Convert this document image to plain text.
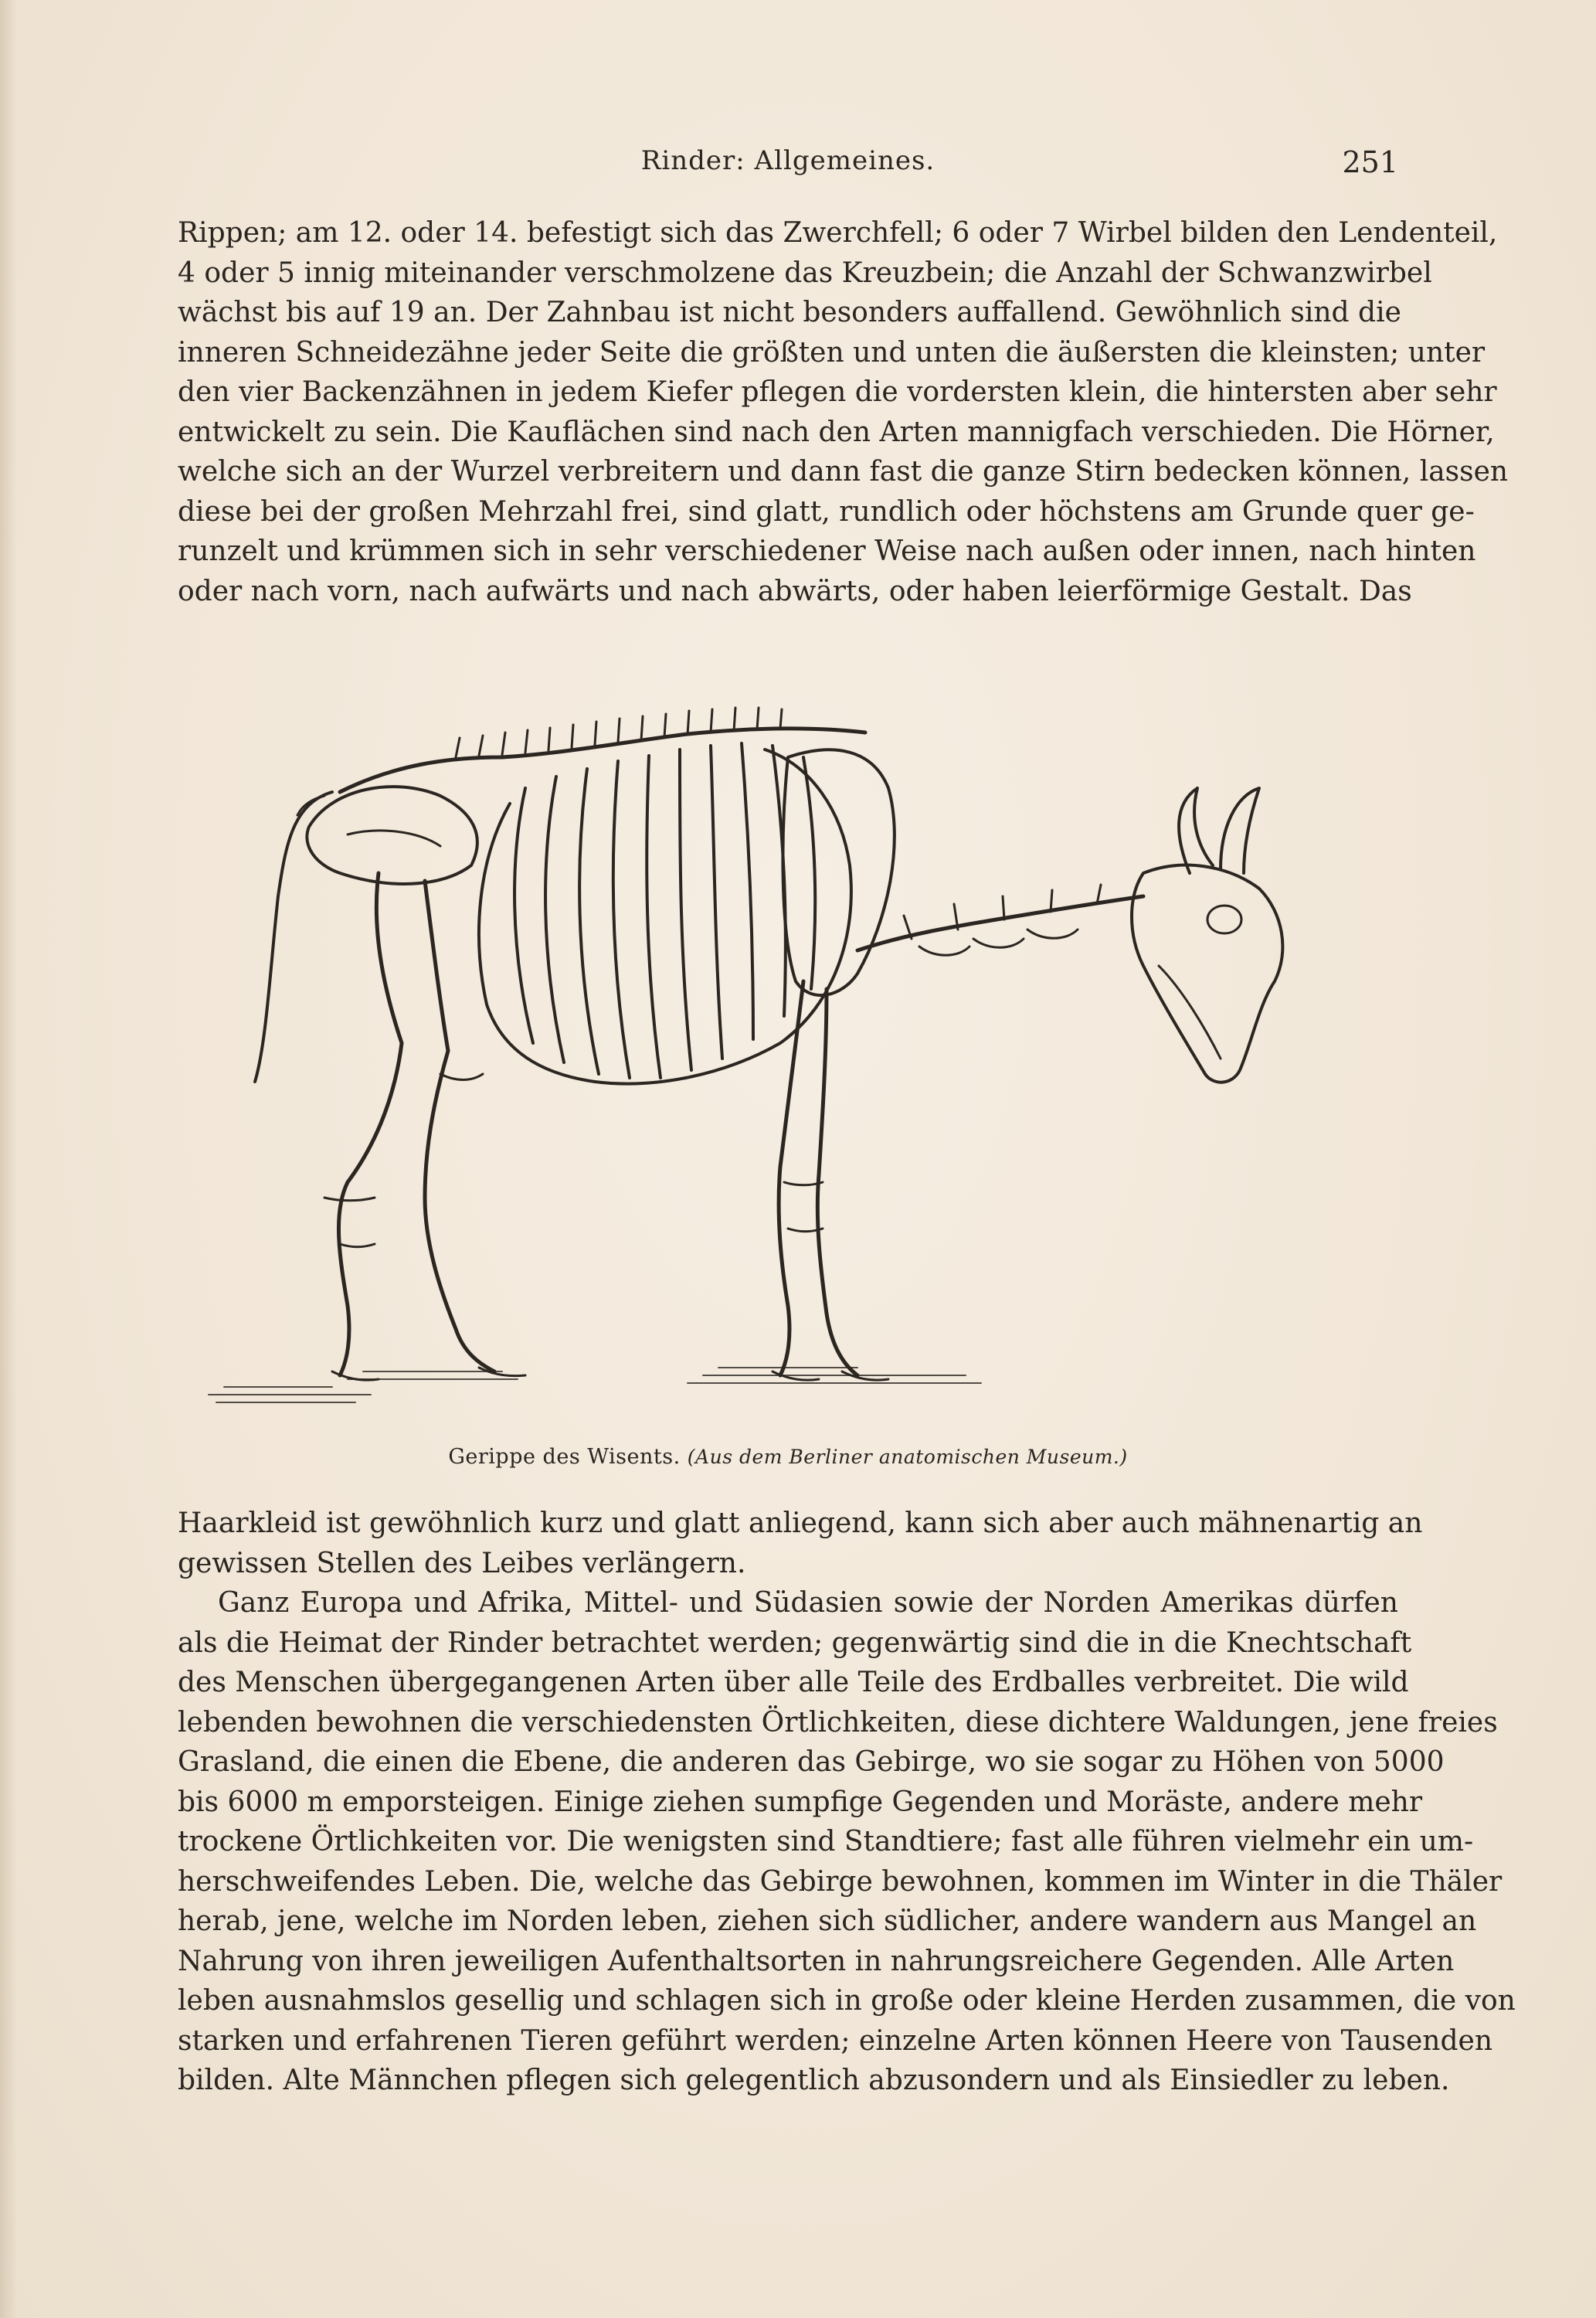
Rinder: Allgemeines.	251
Rippen; am 12. oder 14. befestigt sich das Zwerchfell; 6 oder 7 Wirbel bilden den Lendenteil,
4 oder 5 innig miteinander verschmolzene das Kreuzbein; die Anzahl der Schwanzwirbel
wächst bis auf 19 an. Der Zahnbau ist nicht besonders auffallend. Gewöhnlich sind die
inneren Schneidezähne jeder Seite die größten und unten die äußersten die kleinsten; unter
den vier Backenzähnen in jedem Kiefer pflegen die vordersten klein, die hintersten aber sehr
entwickelt zu sein. Die Kauflächen sind nach den Arten mannigfach verschieden. Die Hörner,
welche sich an der Wurzel verbreitern und dann fast die ganze Stirn bedecken können, lassen
diese bei der großen Mehrzahl frei, sind glatt, rundlich oder höchstens am Grunde quer ge-
runzelt und krümmen sich in sehr verschiedener Weise nach außen oder innen, nach hinten
oder nach vorn, nach aufwärts und nach abwärts, oder haben leierförmige Gestalt. Das
Gerippe des Wisents. (Aus dem Berliner anatomischen Museum.)
Haarkleid ist gewöhnlich kurz und glatt anliegend, kann sich aber auch mähnenartig an
gewissen Stellen des Leibes verlängern.
Ganz Europa und Afrika, Mittel- und Südasien sowie der Norden Amerikas dürfen
als die Heimat der Rinder betrachtet werden; gegenwärtig sind die in die Knechtschaft
des Menschen übergegangenen Arten über alle Teile des Erdballes verbreitet. Die wild
lebenden bewohnen die verschiedensten Örtlichkeiten, diese dichtere Waldungen, jene freies
Grasland, die einen die Ebene, die anderen das Gebirge, wo sie sogar zu Höhen von 5000
bis 6000 m emporsteigen. Einige ziehen sumpfige Gegenden und Moräste, andere mehr
trockene Örtlichkeiten vor. Die wenigsten sind Standtiere; fast alle führen vielmehr ein um-
herschweifendes Leben. Die, welche das Gebirge bewohnen, kommen im Winter in die Thäler
herab, jene, welche im Norden leben, ziehen sich südlicher, andere wandern aus Mangel an
Nahrung von ihren jeweiligen Aufenthaltsorten in nahrungsreichere Gegenden. Alle Arten
leben ausnahmslos gesellig und schlagen sich in große oder kleine Herden zusammen, die von
starken und erfahrenen Tieren geführt werden; einzelne Arten können Heere von Tausenden
bilden. Alte Männchen pflegen sich gelegentlich abzusondern und als Einsiedler zu leben.
